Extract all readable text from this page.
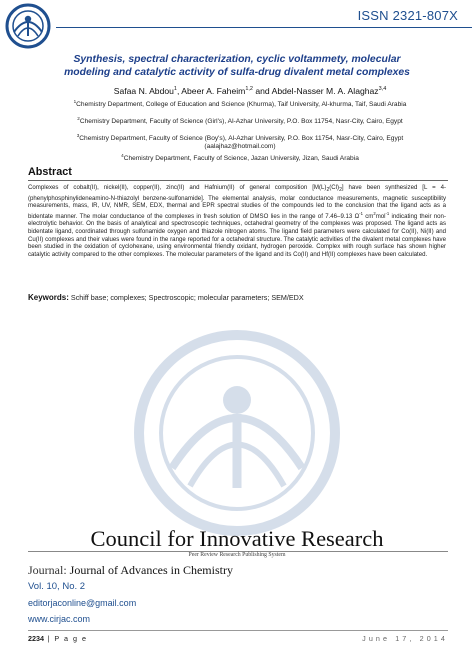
ISSN 2321-807X
Synthesis, spectral characterization, cyclic voltammety, molecular
modeling and catalytic activity of sulfa-drug divalent metal complexes
Safaa N. Abdou$^1$, Abeer A. Faheim$^{1,2}$ and Abdel-Nasser M. A. Alaghaz$^{3,4}$
$^1$Chemistry Department, College of Education and Science (Khurma), Taif University, Al-khurma, Taif, Saudi Arabia
$^2$Chemistry Department, Faculty of Science (Girl's), Al-Azhar University, P.O. Box 11754, Nasr-City, Cairo, Egypt
$^3$Chemistry Department, Faculty of Science (Boy's), Al-Azhar University, P.O. Box 11754, Nasr-City, Cairo, Egypt
(aalajhaz@hotmail.com)
$^4$Chemistry Department, Faculty of Science, Jazan University, Jizan, Saudi Arabia
Abstract
Complexes of cobalt(II), nickel(II), copper(II), zinc(II) and Hafnium(II) of general composition $[M(L)_2(Cl)_2]$ have been synthesized [L = 4-(phenylphosphinylideneamino-N-thiazolyl benzene-sulfonamide]. The elemental analysis, molar conductance measurements, magnetic susceptibility measurements, mass, IR, UV, NMR, SEM, EDX, thermal and EPR spectral studies of the compounds led to the conclusion that the ligand acts as a bidentate manner. The molar conductance of the complexes in fresh solution of DMSO lies in the range of 7.46–9.13 $\Omega^{-1}$ $cm^2mol^{-1}$ indicating their non-electrolytic behavior. On the basis of analytical and spectroscopic techniques, octahedral geometry of the complexes was proposed. The ligand acts as bidentate ligand, coordinated through sulfonamide oxygen and thiazole nitrogen atoms. The ligand field parameters were calculated for Co(II), Ni(II) and Cu(II) complexes and their values were found in the range reported for a octahedral structure. The catalytic activities of the divalent metal complexes have been studied in the oxidation of cyclohexane, using environmental friendly oxidant, hydrogen peroxide. Complex with rough surface has shown higher catalytic activity compared to the other complexes. The molecular parameters of the ligand and its Co(II) and Hf(II) complexes have been calculated.
Keywords: Schiff base; complexes; Spectroscopic; molecular parameters; SEM/EDX
Council for Innovative Research
Peer Review Research Publishing System
Journal: Journal of Advances in Chemistry
Vol. 10, No. 2
editorjaconline@gmail.com
www.cirjac.com
2234 | P a g e	June 17, 2014
